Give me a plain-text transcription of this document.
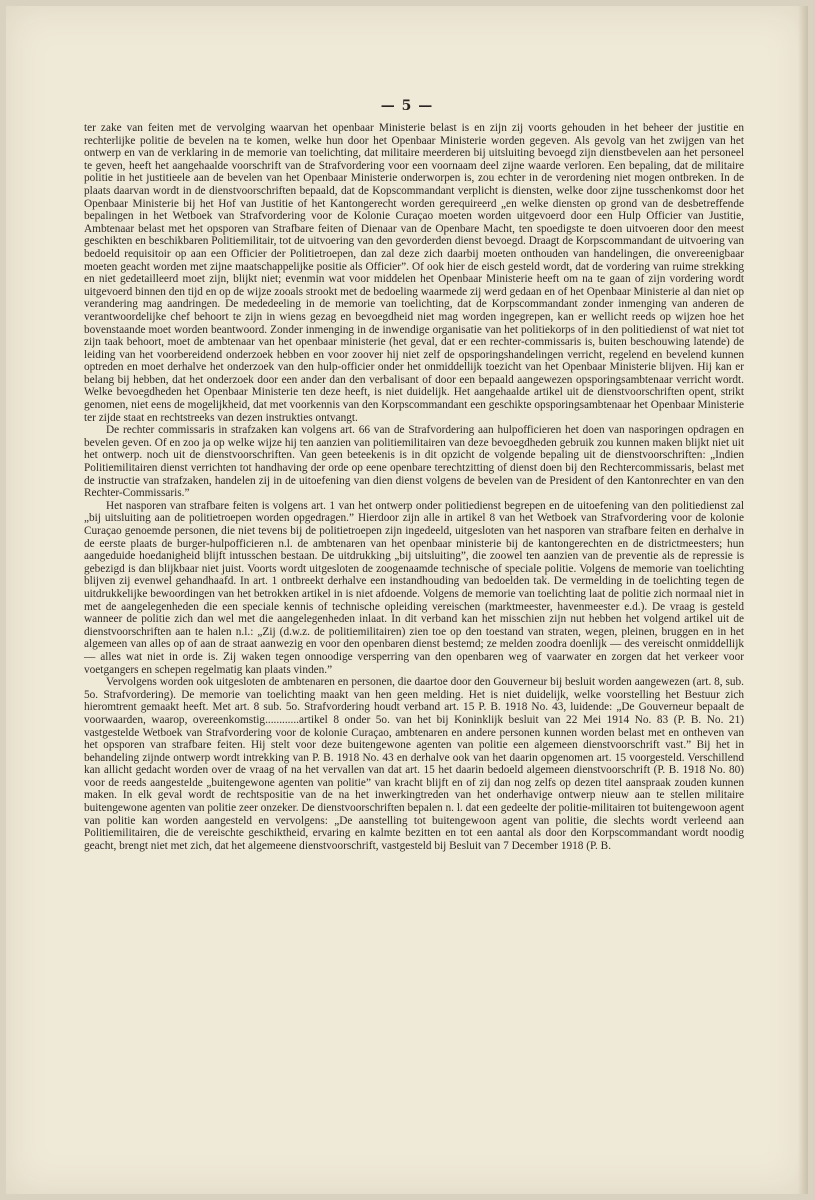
— 5 —

ter zake van feiten met de vervolging waarvan het openbaar Ministerie belast is en zijn zij voorts gehouden in het beheer der justitie en rechterlijke politie de bevelen na te komen, welke hun door het Openbaar Ministerie worden gegeven. Als gevolg van het zwijgen van het ontwerp en van de verklaring in de memorie van toelichting, dat militaire meerderen bij uitsluiting bevoegd zijn dienstbevelen aan het personeel te geven, heeft het aangehaalde voorschrift van de Strafvordering voor een voornaam deel zijne waarde verloren. Een bepaling, dat de militaire politie in het justitieele aan de bevelen van het Openbaar Ministerie onderworpen is, zou echter in de verordening niet mogen ontbreken. In de plaats daarvan wordt in de dienstvoorschriften bepaald, dat de Kopscommandant verplicht is diensten, welke door zijne tusschenkomst door het Openbaar Ministerie bij het Hof van Justitie of het Kantongerecht worden gerequireerd „en welke diensten op grond van de desbetreffende bepalingen in het Wetboek van Strafvordering voor de Kolonie Curaçao moeten worden uitgevoerd door een Hulp Officier van Justitie, Ambtenaar belast met het opsporen van Strafbare feiten of Dienaar van de Openbare Macht, ten spoedigste te doen uitvoeren door den meest geschikten en beschikbaren Politiemilitair, tot de uitvoering van den gevorderden dienst bevoegd. Draagt de Korpscommandant de uitvoering van bedoeld requisitoir op aan een Officier der Politietroepen, dan zal deze zich daarbij moeten onthouden van handelingen, die onvereenigbaar moeten geacht worden met zijne maatschappelijke positie als Officier”. Of ook hier de eisch gesteld wordt, dat de vordering van ruime strekking en niet gedetailleerd moet zijn, blijkt niet; evenmin wat voor middelen het Openbaar Ministerie heeft om na te gaan of zijn vordering wordt uitgevoerd binnen den tijd en op de wijze zooals strookt met de bedoeling waarmede zij werd gedaan en of het Openbaar Ministerie al dan niet op verandering mag aandringen. De mededeeling in de memorie van toelichting, dat de Korpscommandant zonder inmenging van anderen de verantwoordelijke chef behoort te zijn in wiens gezag en bevoegdheid niet mag worden ingegrepen, kan er wellicht reeds op wijzen hoe het bovenstaande moet worden beantwoord. Zonder inmenging in de inwendige organisatie van het politiekorps of in den politiedienst of wat niet tot zijn taak behoort, moet de ambtenaar van het openbaar ministerie (het geval, dat er een rechter-commissaris is, buiten beschouwing latende) de leiding van het voorbereidend onderzoek hebben en voor zoover hij niet zelf de opsporingshandelingen verricht, regelend en bevelend kunnen optreden en moet derhalve het onderzoek van den hulp-officier onder het onmiddellijk toezicht van het Openbaar Ministerie blijven. Hij kan er belang bij hebben, dat het onderzoek door een ander dan den verbalisant of door een bepaald aangewezen opsporingsambtenaar verricht wordt. Welke bevoegdheden het Openbaar Ministerie ten deze heeft, is niet duidelijk. Het aangehaalde artikel uit de dienstvoorschriften opent, strikt genomen, niet eens de mogelijkheid, dat met voorkennis van den Korpscommandant een geschikte opsporingsambtenaar het Openbaar Ministerie ter zijde staat en rechtstreeks van dezen instrukties ontvangt.

De rechter commissaris in strafzaken kan volgens art. 66 van de Strafvordering aan hulpofficieren het doen van nasporingen opdragen en bevelen geven. Of en zoo ja op welke wijze hij ten aanzien van politiemilitairen van deze bevoegdheden gebruik zou kunnen maken blijkt niet uit het ontwerp. noch uit de dienstvoorschriften. Van geen beteekenis is in dit opzicht de volgende bepaling uit de dienstvoorschriften: „Indien Politiemilitairen dienst verrichten tot handhaving der orde op eene openbare terechtzitting of dienst doen bij den Rechtercommissaris, belast met de instructie van strafzaken, handelen zij in de uitoefening van dien dienst volgens de bevelen van de President of den Kantonrechter en van den Rechter-Commissaris.”

Het nasporen van strafbare feiten is volgens art. 1 van het ontwerp onder politiedienst begrepen en de uitoefening van den politiedienst zal „bij uitsluiting aan de politietroepen worden opgedragen.” Hierdoor zijn alle in artikel 8 van het Wetboek van Strafvordering voor de kolonie Curaçao genoemde personen, die niet tevens bij de politietroepen zijn ingedeeld, uitgesloten van het nasporen van strafbare feiten en derhalve in de eerste plaats de burger-hulpofficieren n.l. de ambtenaren van het openbaar ministerie bij de kantongerechten en de districtmeesters; hun aangeduide hoedanigheid blijft intusschen bestaan. De uitdrukking „bij uitsluiting”, die zoowel ten aanzien van de preventie als de repressie is gebezigd is dan blijkbaar niet juist. Voorts wordt uitgesloten de zoogenaamde technische of speciale politie. Volgens de memorie van toelichting blijven zij evenwel gehandhaafd. In art. 1 ontbreekt derhalve een instandhouding van bedoelden tak. De vermelding in de toelichting tegen de uitdrukkelijke bewoordingen van het betrokken artikel in is niet afdoende. Volgens de memorie van toelichting laat de politie zich normaal niet in met de aangelegenheden die een speciale kennis of technische opleiding vereischen (marktmeester, havenmeester e.d.). De vraag is gesteld wanneer de politie zich dan wel met die aangelegenheden inlaat. In dit verband kan het misschien zijn nut hebben het volgend artikel uit de dienstvoorschriften aan te halen n.l.: „Zij (d.w.z. de politiemilitairen) zien toe op den toestand van straten, wegen, pleinen, bruggen en in het algemeen van alles op of aan de straat aanwezig en voor den openbaren dienst bestemd; ze melden zoodra doenlijk — des vereischt onmiddellijk — alles wat niet in orde is. Zij waken tegen onnoodige versperring van den openbaren weg of vaarwater en zorgen dat het verkeer voor voetgangers en schepen regelmatig kan plaats vinden.”

Vervolgens worden ook uitgesloten de ambtenaren en personen, die daartoe door den Gouverneur bij besluit worden aangewezen (art. 8, sub. 5o. Strafvordering). De memorie van toelichting maakt van hen geen melding. Het is niet duidelijk, welke voorstelling het Bestuur zich hieromtrent gemaakt heeft. Met art. 8 sub. 5o. Strafvordering houdt verband art. 15 P. B. 1918 No. 43, luidende: „De Gouverneur bepaalt de voorwaarden, waarop, overeenkomstig............artikel 8 onder 5o. van het bij Koninklijk besluit van 22 Mei 1914 No. 83 (P. B. No. 21) vastgestelde Wetboek van Strafvordering voor de kolonie Curaçao, ambtenaren en andere personen kunnen worden belast met en ontheven van het opsporen van strafbare feiten. Hij stelt voor deze buitengewone agenten van politie een algemeen dienstvoorschrift vast.” Bij het in behandeling zijnde ontwerp wordt intrekking van P. B. 1918 No. 43 en derhalve ook van het daarin opgenomen art. 15 voorgesteld. Verschillend kan allicht gedacht worden over de vraag of na het vervallen van dat art. 15 het daarin bedoeld algemeen dienstvoorschrift (P. B. 1918 No. 80) voor de reeds aangestelde „buitengewone agenten van politie” van kracht blijft en of zij dan nog zelfs op dezen titel aanspraak zouden kunnen maken. In elk geval wordt de rechtspositie van de na het inwerkingtreden van het onderhavige ontwerp nieuw aan te stellen militaire buitengewone agenten van politie zeer onzeker. De dienstvoorschriften bepalen n. l. dat een gedeelte der politie-militairen tot buitengewoon agent van politie kan worden aangesteld en vervolgens: „De aanstelling tot buitengewoon agent van politie, die slechts wordt verleend aan Politiemilitairen, die de vereischte geschiktheid, ervaring en kalmte bezitten en tot een aantal als door den Korpscommandant wordt noodig geacht, brengt niet met zich, dat het algemeene dienstvoorschrift, vastgesteld bij Besluit van 7 December 1918 (P. B.
